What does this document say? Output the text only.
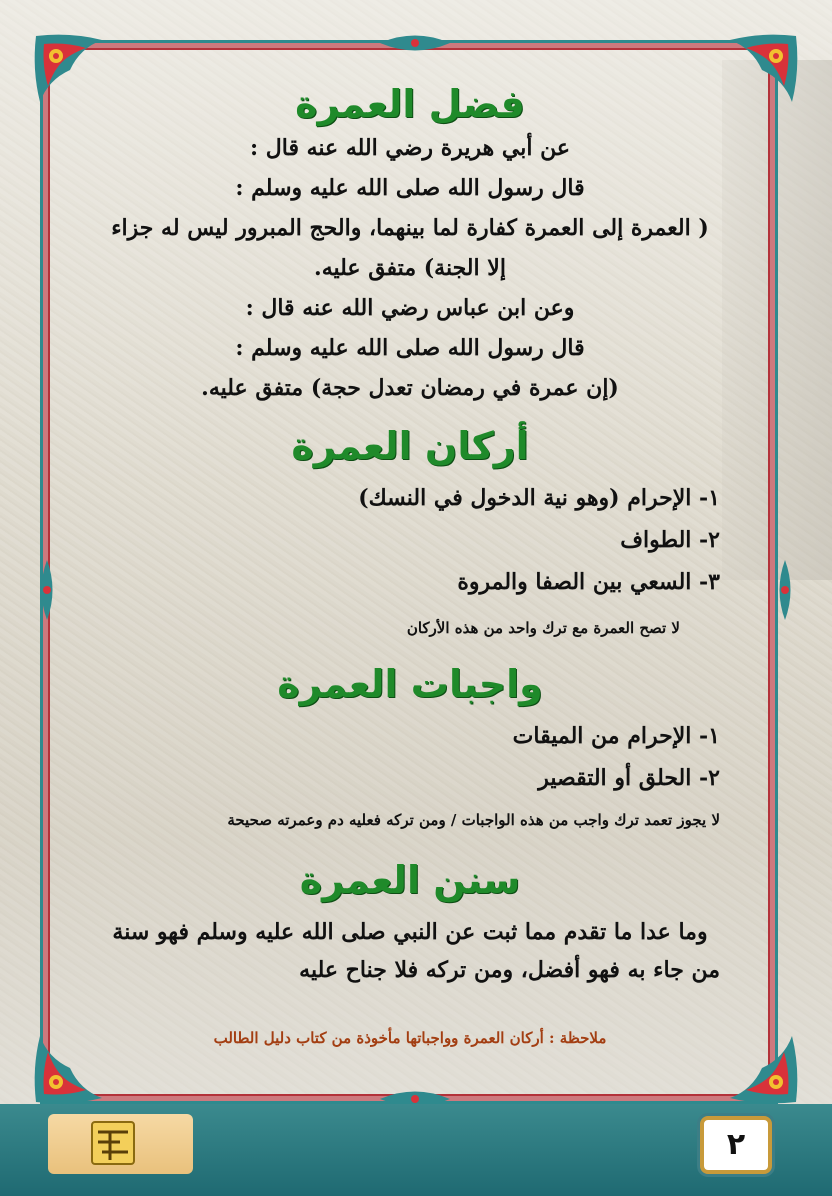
فضل العمرة
عن أبي هريرة رضي الله عنه قال :
قال رسول الله صلى الله عليه وسلم :
( العمرة إلى العمرة كفارة لما بينهما، والحج المبرور ليس له جزاء
إلا الجنة) متفق عليه.
وعن ابن عباس رضي الله عنه قال :
قال رسول الله صلى الله عليه وسلم :
(إن عمرة في رمضان تعدل حجة) متفق عليه.
أركان العمرة
١- الإحرام (وهو نية الدخول في النسك)
٢- الطواف
٣- السعي بين الصفا والمروة
لا تصح العمرة مع ترك واحد من هذه الأركان
واجبات العمرة
١- الإحرام من الميقات
٢- الحلق أو التقصير
لا يجوز تعمد ترك واجب من هذه الواجبات / ومن تركه فعليه دم وعمرته صحيحة
سنن العمرة
وما عدا ما تقدم مما ثبت عن النبي صلى الله عليه وسلم فهو سنة
من جاء به فهو أفضل، ومن تركه فلا جناح عليه
ملاحظة : أركان العمرة وواجباتها مأخوذة من كتاب دليل الطالب
٢
